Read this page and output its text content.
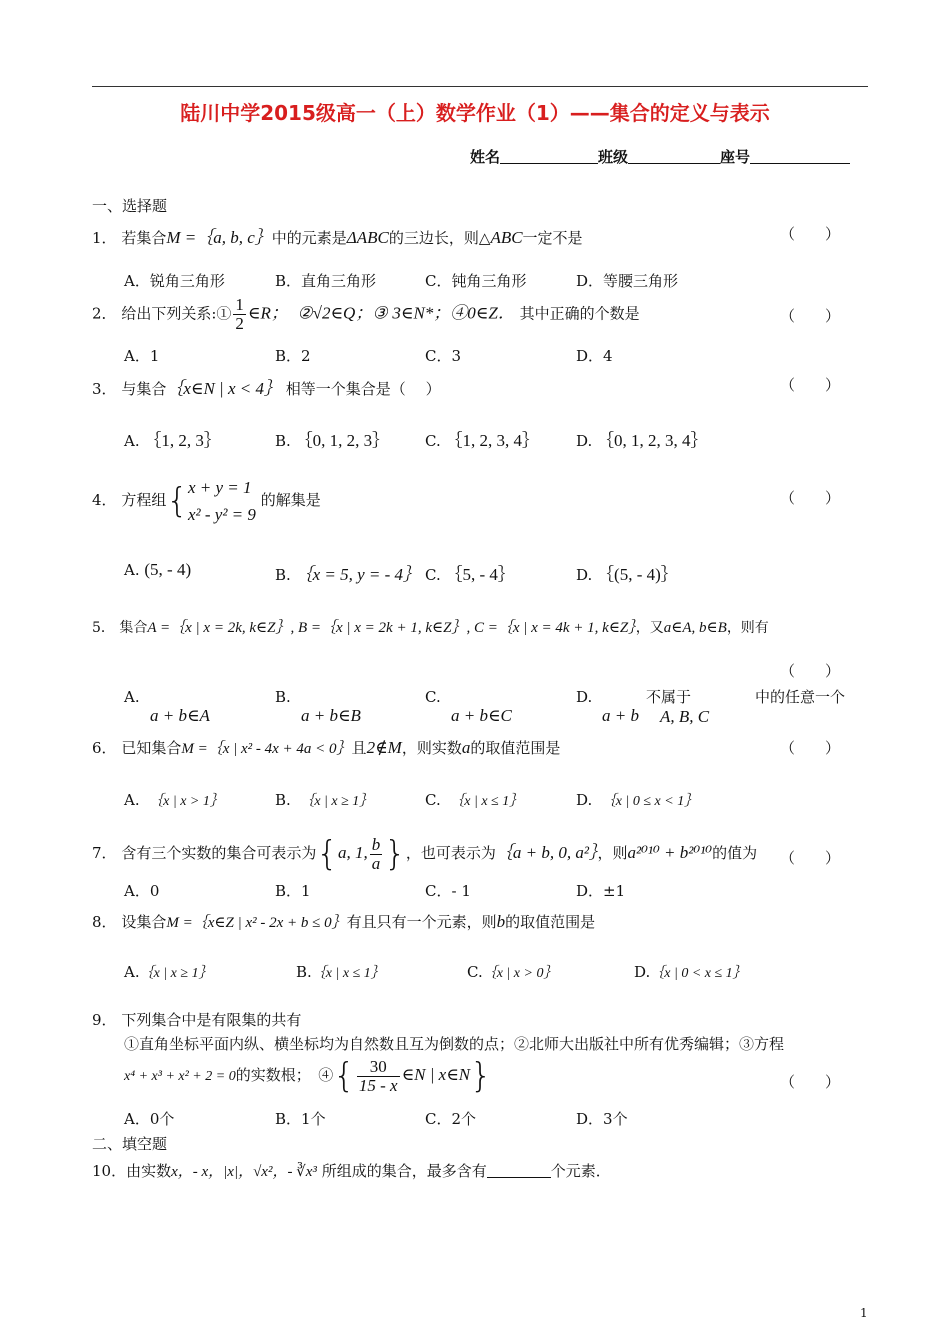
陆川中学2015级高一（上）数学作业（1）——集合的定义与表示
姓名	班级	座号
一、选择题
1． 若集合M =｛a, b, c｝中的元素是ΔABC的三边长，则△ABC一定不是	（　　）
A．锐角三角形	B．直角三角形	C．钝角三角形	D．等腰三角形
2． 给出下列关系:① $\frac{1}{2}$ ∈R； ②√2∈Q；③ 3∈N*；④0∈Z． 其中正确的个数是	（　　）
A．1	B．2	C．3	D．4
3． 与集合｛x∈N | x < 4｝ 相等一个集合是（　 ）	（　　）
A. ｛1, 2, 3｝	B. ｛0, 1, 2, 3｝ C. ｛1, 2, 3, 4｝ D. ｛0, 1, 2, 3, 4｝
4． 方程组{ x + y = 1
x² - y² = 9
的解集是	（　　）
A. (5, - 4)	B. ｛x = 5, y = - 4｝ C. ｛5, - 4｝	D. ｛(5, - 4)｝
5． 集合A =｛x | x = 2k, k∈Z｝, B =｛x | x = 2k + 1, k∈Z｝, C =｛x | x = 4k + 1, k∈Z｝，又a∈A, b∈B，则有
（　　）
A.
a + b∈A
B.
a + b∈B
C.
a + b∈C
D.
a + b
不属于
A, B, C
中的任意一个
6． 已知集合M =｛x | x² - 4x + 4a < 0｝且2∉M，则实数a的取值范围是	（　　）
A. ｛x | x > 1｝	B. ｛x | x ≥ 1｝	C. ｛x | x ≤ 1｝	D. ｛x | 0 ≤ x < 1｝
7． 含有三个实数的集合可表示为{a, 1, $\frac{b}{a}$ }，也可表示为｛a + b, 0, a²｝，则a²⁰¹⁰ + b²⁰¹⁰的值为 （　　）
A．0	B．1	C．- 1	D．±1
8． 设集合M =｛x∈Z | x² - 2x + b ≤ 0｝有且只有一个元素，则b的取值范围是
A.｛x | x ≥ 1｝	B.｛x | x ≤ 1｝	C.｛x | x > 0｝	D.｛x | 0 < x ≤ 1｝
9． 下列集合中是有限集的共有
①直角坐标平面内纵、横坐标均为自然数且互为倒数的点；②北师大出版社中所有优秀编辑；③方程
x⁴ + x³ + x² + 2 = 0的实数根；　④{ $\frac{30}{15 - x}$ ∈N | x∈N}	（　　）
A．0个	B．1个	C．2个	D．3个
二、填空题
10．由实数x，- x，|x|，√x²，- ∛x³ 所组成的集合，最多含有	个元素．
1
